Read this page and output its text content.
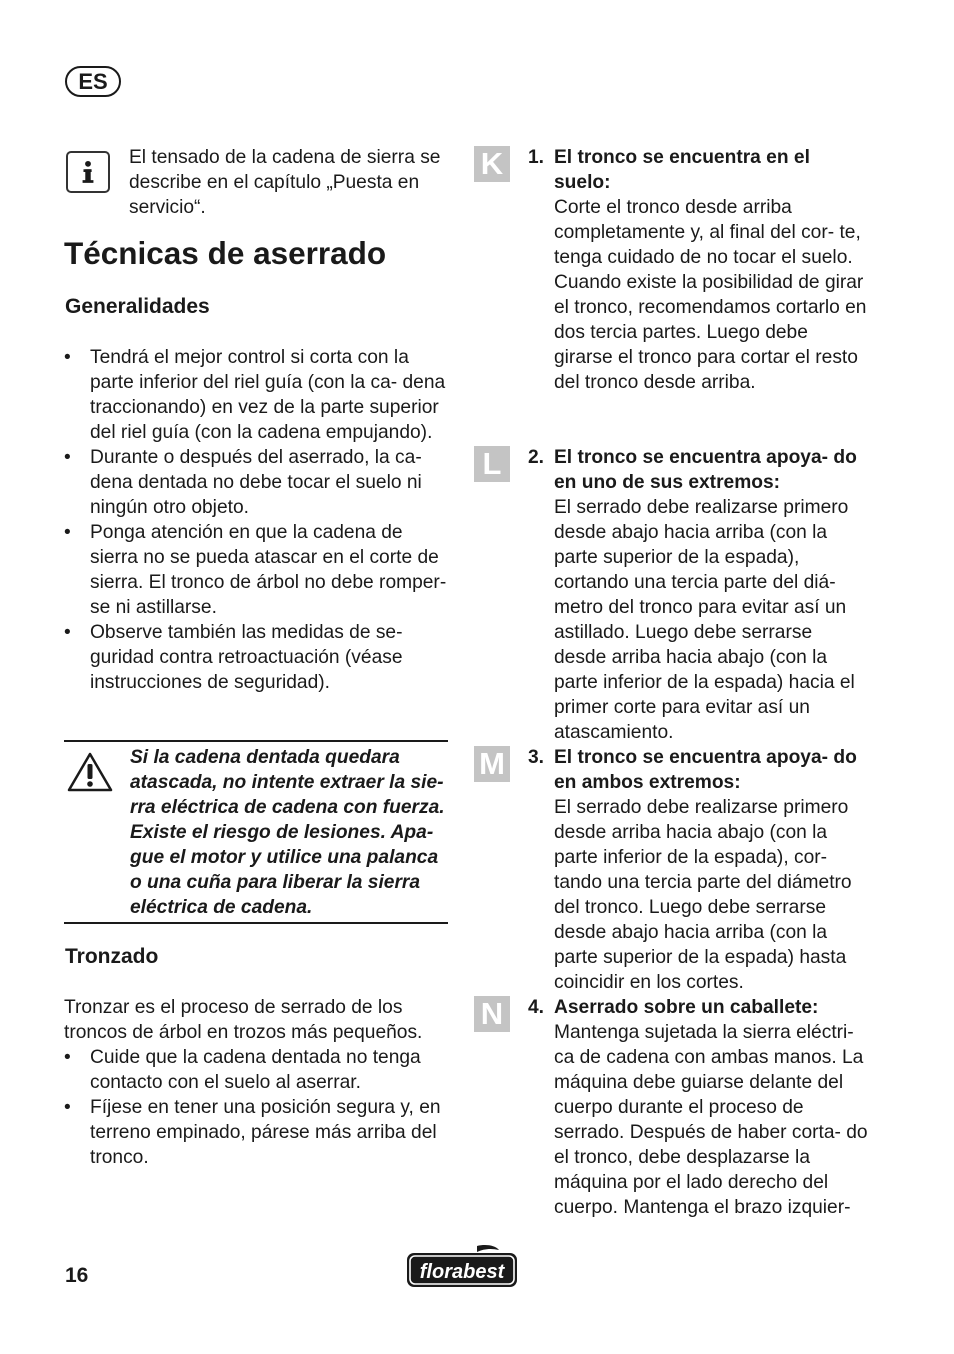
ES
El tensado de la cadena de sierra se describe en el capítulo „Puesta en servicio“.
Técnicas de aserrado
Generalidades
• Tendrá el mejor control si corta con la parte inferior del riel guía (con la ca- dena traccionando) en vez de la parte superior del riel guía (con la cadena empujando).
• Durante o después del aserrado, la ca- dena dentada no debe tocar el suelo ni ningún otro objeto.
• Ponga atención en que la cadena de sierra no se pueda atascar en el corte de sierra. El tronco de árbol no debe romper- se ni astillarse.
• Observe también las medidas de se- guridad contra retroactuación (véase instrucciones de seguridad).
Si la cadena dentada quedara atascada, no intente extraer la sie- rra eléctrica de cadena con fuerza. Existe el riesgo de lesiones. Apa- gue el motor y utilice una palanca o una cuña para liberar la sierra eléctrica de cadena.
Tronzado
Tronzar es el proceso de serrado de los troncos de árbol en trozos más pequeños.
• Cuide que la cadena dentada no tenga contacto con el suelo al aserrar.
• Fíjese en tener una posición segura y, en terreno empinado, párese más arriba del tronco.
K	1. El tronco se encuentra en el suelo:
Corte el tronco desde arriba completamente y, al final del cor- te, tenga cuidado de no tocar el suelo. Cuando existe la posibilidad de girar el tronco, recomendamos cortarlo en dos tercia partes. Luego debe girarse el tronco para cortar el resto del tronco desde arriba.
L	2. El tronco se encuentra apoya- do en uno de sus extremos:
El serrado debe realizarse primero desde abajo hacia arriba (con la parte superior de la espada), cortando una tercia parte del diá- metro del tronco para evitar así un astillado. Luego debe serrarse desde arriba hacia abajo (con la parte inferior de la espada) hacia el primer corte para evitar así un atascamiento.
M 3. El tronco se encuentra apoya- do en ambos extremos:
El serrado debe realizarse primero desde arriba hacia abajo (con la parte inferior de la espada), cor- tando una tercia parte del diámetro del tronco. Luego debe serrarse desde abajo hacia arriba (con la parte superior de la espada) hasta coincidir en los cortes.
N	4. Aserrado sobre un caballete:
Mantenga sujetada la sierra eléctri- ca de cadena con ambas manos. La máquina debe guiarse delante del cuerpo durante el proceso de serrado. Después de haber corta- do el tronco, debe desplazarse la máquina por el lado derecho del cuerpo. Mantenga el brazo izquier-
16	florabest
